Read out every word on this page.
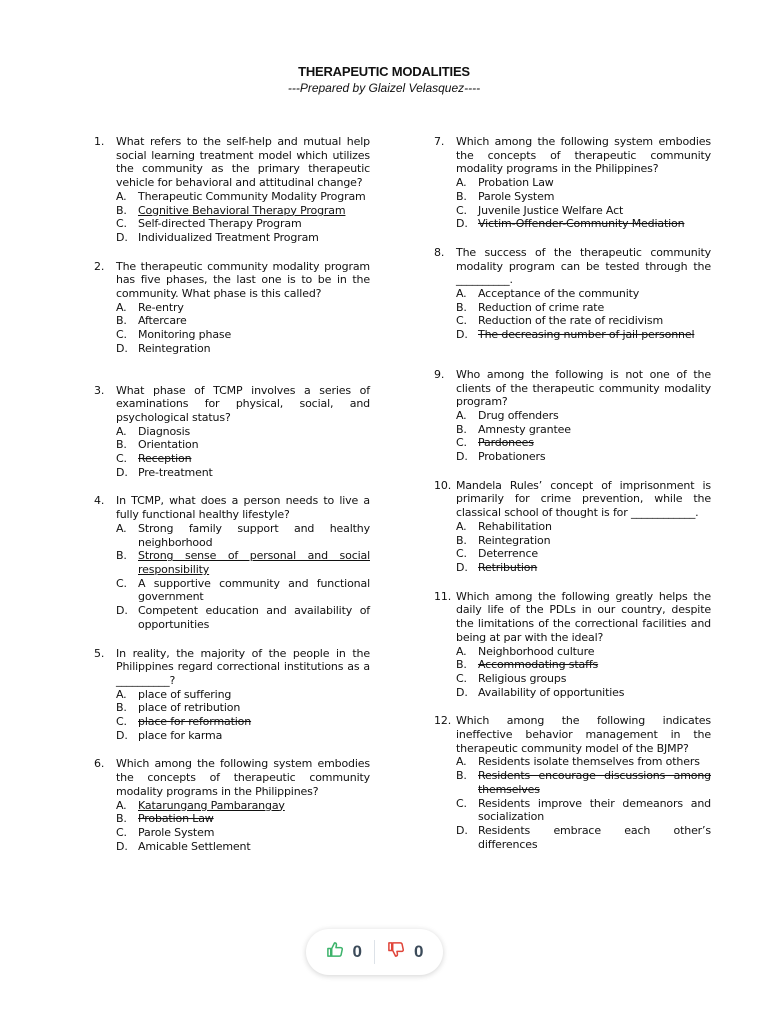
THERAPEUTIC MODALITIES
---Prepared by Glaizel Velasquez----
1.	What refers to the self-help and mutual help social learning treatment model which utilizes the community as the primary therapeutic vehicle for behavioral and attitudinal change?
A.	Therapeutic Community Modality Program
B.	Cognitive Behavioral Therapy Program
C.	Self-directed Therapy Program
D. Individualized Treatment Program
2.	The therapeutic community modality program has five phases, the last one is to be in the community. What phase is this called?
A.	Re-entry
B.	Aftercare
C.	Monitoring phase
D. Reintegration
3.	What phase of TCMP involves a series of examinations for physical, social, and psychological status?
A.	Diagnosis
B.	Orientation
C.	Reception
D. Pre-treatment
4.	In TCMP, what does a person needs to live a fully functional healthy lifestyle?
A.	Strong family support and healthy neighborhood
B.	Strong sense of personal and social responsibility
C.	A supportive community and functional government
D. Competent education and availability of opportunities
5.	In reality, the majority of the people in the Philippines regard correctional institutions as a __________?
A.	place of suffering
B.	place of retribution
C.	place for reformation
D. place for karma
6.	Which among the following system embodies the concepts of therapeutic community modality programs in the Philippines?
A.	Katarungang Pambarangay
B.	Probation Law
C.	Parole System
D. Amicable Settlement
7.	Which among the following system embodies the concepts of therapeutic community modality programs in the Philippines?
A.	Probation Law
B.	Parole System
C.	Juvenile Justice Welfare Act
D. Victim-Offender-Community Mediation
8.	The success of the therapeutic community modality program can be tested through the __________.
A.	Acceptance of the community
B.	Reduction of crime rate
C.	Reduction of the rate of recidivism
D. The decreasing number of jail personnel
9.	Who among the following is not one of the clients of the therapeutic community modality program?
A.	Drug offenders
B.	Amnesty grantee
C.	Pardonees
D. Probationers
10. Mandela Rules’ concept of imprisonment is primarily for crime prevention, while the classical school of thought is for ____________.
A.	Rehabilitation
B.	Reintegration
C.	Deterrence
D. Retribution
11. Which among the following greatly helps the daily life of the PDLs in our country, despite the limitations of the correctional facilities and being at par with the ideal?
A.	Neighborhood culture
B.	Accommodating staffs
C.	Religious groups
D. Availability of opportunities
12. Which among the following indicates ineffective behavior management in the therapeutic community model of the BJMP?
A.	Residents isolate themselves from others
B.	Residents encourage discussions among themselves
C.	Residents improve their demeanors and socialization
D. Residents embrace each other’s differences
0	0
